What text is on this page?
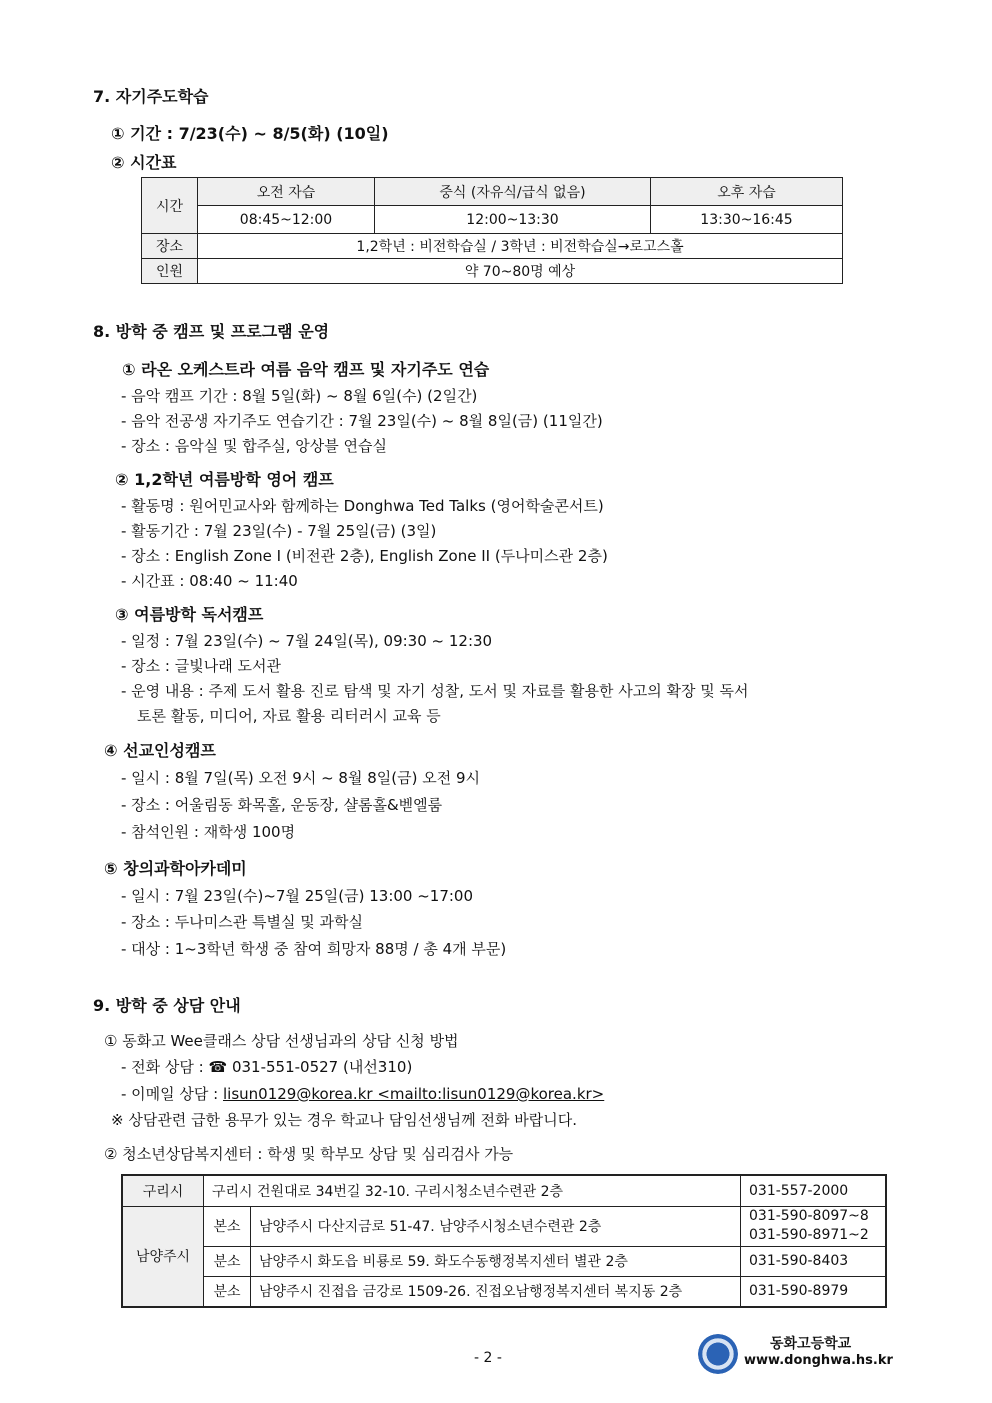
7. 자기주도학습
① 기간 : 7/23(수) ~ 8/5(화) (10일)
② 시간표
시간	오전 자습	중식 (자유식/급식 없음)	오후 자습
	08:45~12:00	12:00~13:30	13:30~16:45
장소	1,2학년 : 비전학습실 / 3학년 : 비전학습실→로고스홀		
인원	약 70~80명 예상		
8. 방학 중 캠프 및 프로그램 운영
① 라온 오케스트라 여름 음악 캠프 및 자기주도 연습
- 음악 캠프 기간 : 8월 5일(화) ~ 8월 6일(수) (2일간)
- 음악 전공생 자기주도 연습기간 : 7월 23일(수) ~ 8월 8일(금) (11일간)
- 장소 : 음악실 및 합주실, 앙상블 연습실
② 1,2학년 여름방학 영어 캠프
- 활동명 : 원어민교사와 함께하는 Donghwa Ted Talks (영어학술콘서트)
- 활동기간 : 7월 23일(수) - 7월 25일(금) (3일)
- 장소 : English Zone I (비전관 2층), English Zone II (두나미스관 2층)
- 시간표 : 08:40 ~ 11:40
③ 여름방학 독서캠프
- 일정 : 7월 23일(수) ~ 7월 24일(목), 09:30 ~ 12:30
- 장소 : 글빛나래 도서관
- 운영 내용 : 주제 도서 활용 진로 탐색 및 자기 성찰, 도서 및 자료를 활용한 사고의 확장 및 독서
토론 활동, 미디어, 자료 활용 리터러시 교육 등
④ 선교인성캠프
- 일시 : 8월 7일(목) 오전 9시 ~ 8월 8일(금) 오전 9시
- 장소 : 어울림동 화목홀, 운동장, 샬롬홀&벧엘룸
- 참석인원 : 재학생 100명
⑤ 창의과학아카데미
- 일시 : 7월 23일(수)~7월 25일(금) 13:00 ~17:00
- 장소 : 두나미스관 특별실 및 과학실
- 대상 : 1~3학년 학생 중 참여 희망자 88명 / 총 4개 부문)
9. 방학 중 상담 안내
① 동화고 Wee클래스 상담 선생님과의 상담 신청 방법
- 전화 상담 : ☎ 031-551-0527 (내선310)
- 이메일 상담 : lisun0129@korea.kr <mailto:lisun0129@korea.kr>
※ 상담관련 급한 용무가 있는 경우 학교나 담임선생님께 전화 바랍니다.
② 청소년상담복지센터 : 학생 및 학부모 상담 및 심리검사 가능
구리시	구리시 건원대로 34번길 32-10. 구리시청소년수련관 2층		031-557-2000
남양주시	본소	남양주시 다산지금로 51-47. 남양주시청소년수련관 2층	031-590-8097~8
031-590-8971~2

	분소	남양주시 화도읍 비룡로 59. 화도수동행정복지센터 별관 2층	031-590-8403
	분소	남양주시 진접읍 금강로 1509-26. 진접오남행정복지센터 복지동 2층	031-590-8979
- 2 -
동화고등학교
www.donghwa.hs.kr
